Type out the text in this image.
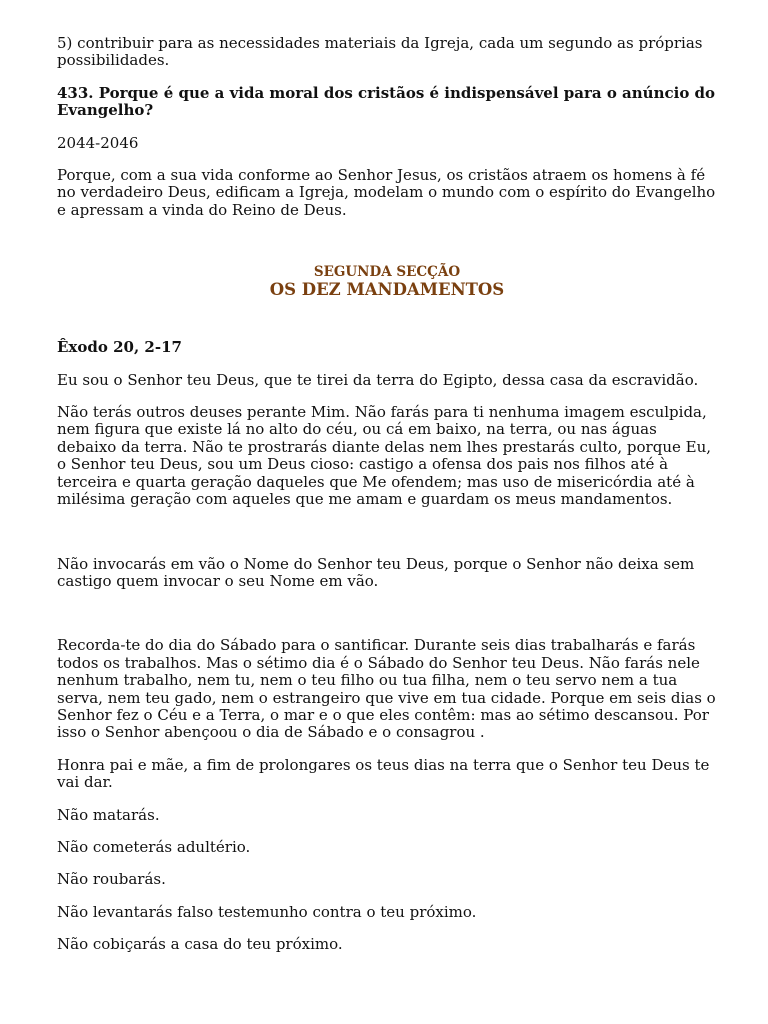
5) contribuir para as necessidades materiais da Igreja, cada um segundo as próprias possibilidades.

433. Porque é que a vida moral dos cristãos é indispensável para o anúncio do Evangelho?

2044-2046

Porque, com a sua vida conforme ao Senhor Jesus, os cristãos atraem os homens à fé no verdadeiro Deus, edificam a Igreja, modelam o mundo com o espírito do Evangelho e apressam a vinda do Reino de Deus.

SEGUNDA SECÇÃO
OS DEZ MANDAMENTOS

Êxodo 20, 2-17

Eu sou o Senhor teu Deus, que te tirei da terra do Egipto, dessa casa da escravidão.

Não terás outros deuses perante Mim. Não farás para ti nenhuma imagem esculpida, nem figura que existe lá no alto do céu, ou cá em baixo, na terra, ou nas águas debaixo da terra. Não te prostrarás diante delas nem lhes prestarás culto, porque Eu, o Senhor teu Deus, sou um Deus cioso: castigo a ofensa dos pais nos filhos até à terceira e quarta geração daqueles que Me ofendem; mas uso de misericórdia até à milésima geração com aqueles que me amam e guardam os meus mandamentos.

Não invocarás em vão o Nome do Senhor teu Deus, porque o Senhor não deixa sem castigo quem invocar o seu Nome em vão.

Recorda-te do dia do Sábado para o santificar. Durante seis dias trabalharás e farás todos os trabalhos. Mas o sétimo dia é o Sábado do Senhor teu Deus. Não farás nele nenhum trabalho, nem tu, nem o teu filho ou tua filha, nem o teu servo nem a tua serva, nem teu gado, nem o estrangeiro que vive em tua cidade. Porque em seis dias o Senhor fez o Céu e a Terra, o mar e o que eles contêm: mas ao sétimo descansou. Por isso o Senhor abençoou o dia de Sábado e o consagrou .

Honra pai e mãe, a fim de prolongares os teus dias na terra que o Senhor teu Deus te vai dar.

Não matarás.

Não cometerás adultério.

Não roubarás.

Não levantarás falso testemunho contra o teu próximo.

Não cobiçarás a casa do teu próximo.
